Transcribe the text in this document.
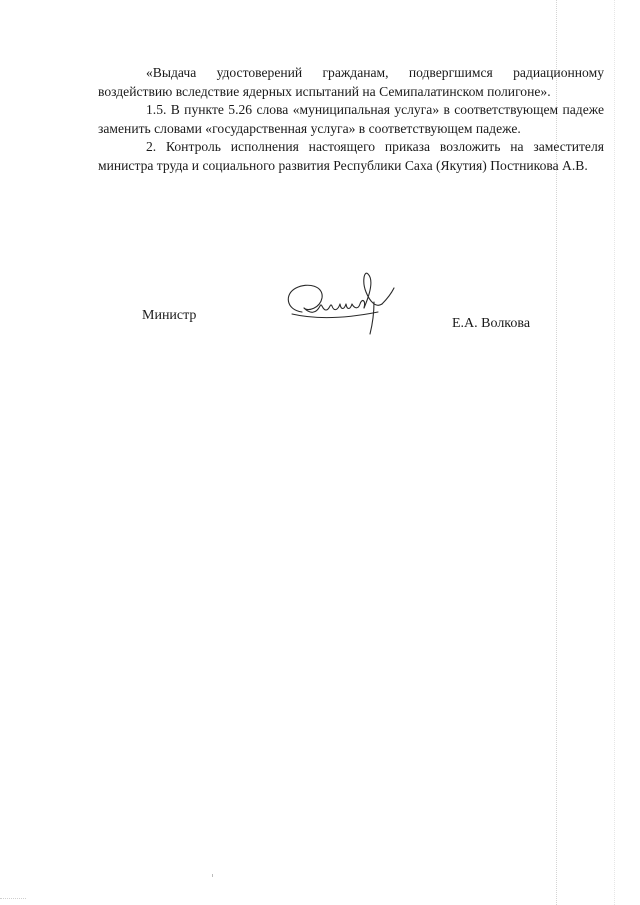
«Выдача удостоверений гражданам, подвергшимся радиационному воздействию вследствие ядерных испытаний на Семипалатинском полигоне».

1.5. В пункте 5.26 слова «муниципальная услуга» в соответствующем падеже заменить словами «государственная услуга» в соответствующем падеже.

2. Контроль исполнения настоящего приказа возложить на заместителя министра труда и социального развития Республики Саха (Якутия) Постникова А.В.

Министр
Е.А. Волкова
